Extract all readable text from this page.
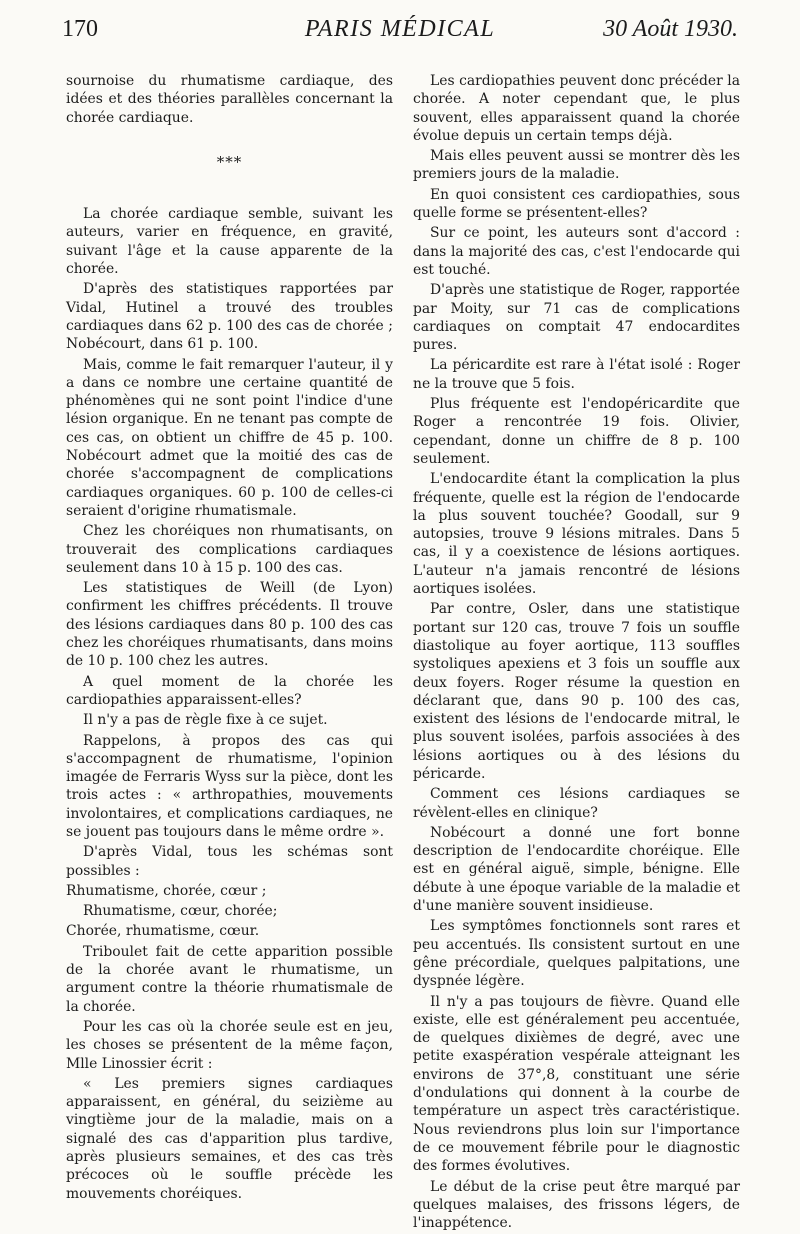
170	PARIS MÉDICAL	30 Août 1930.

sournoise du rhumatisme cardiaque, des idées et des théories parallèles concernant la chorée cardiaque.

***

La chorée cardiaque semble, suivant les auteurs, varier en fréquence, en gravité, suivant l'âge et la cause apparente de la chorée.

D'après des statistiques rapportées par Vidal, Hutinel a trouvé des troubles cardiaques dans 62 p. 100 des cas de chorée ; Nobécourt, dans 61 p. 100.

Mais, comme le fait remarquer l'auteur, il y a dans ce nombre une certaine quantité de phénomènes qui ne sont point l'indice d'une lésion organique. En ne tenant pas compte de ces cas, on obtient un chiffre de 45 p. 100. Nobécourt admet que la moitié des cas de chorée s'accompagnent de complications cardiaques organiques. 60 p. 100 de celles-ci seraient d'origine rhumatismale.

Chez les choréiques non rhumatisants, on trouverait des complications cardiaques seulement dans 10 à 15 p. 100 des cas.

Les statistiques de Weill (de Lyon) confirment les chiffres précédents. Il trouve des lésions cardiaques dans 80 p. 100 des cas chez les choréiques rhumatisants, dans moins de 10 p. 100 chez les autres.

A quel moment de la chorée les cardiopathies apparaissent-elles?

Il n'y a pas de règle fixe à ce sujet.

Rappelons, à propos des cas qui s'accompagnent de rhumatisme, l'opinion imagée de Ferraris Wyss sur la pièce, dont les trois actes : « arthropathies, mouvements involontaires, et complications cardiaques, ne se jouent pas toujours dans le même ordre ».

D'après Vidal, tous les schémas sont possibles :

Rhumatisme, chorée, cœur ;

Rhumatisme, cœur, chorée;

Chorée, rhumatisme, cœur.

Triboulet fait de cette apparition possible de la chorée avant le rhumatisme, un argument contre la théorie rhumatismale de la chorée.

Pour les cas où la chorée seule est en jeu, les choses se présentent de la même façon, Mlle Linossier écrit :

« Les premiers signes cardiaques apparaissent, en général, du seizième au vingtième jour de la maladie, mais on a signalé des cas d'apparition plus tardive, après plusieurs semaines, et des cas très précoces où le souffle précède les mouvements choréiques.

Les cardiopathies peuvent donc précéder la chorée. A noter cependant que, le plus souvent, elles apparaissent quand la chorée évolue depuis un certain temps déjà.

Mais elles peuvent aussi se montrer dès les premiers jours de la maladie.

En quoi consistent ces cardiopathies, sous quelle forme se présentent-elles?

Sur ce point, les auteurs sont d'accord : dans la majorité des cas, c'est l'endocarde qui est touché.

D'après une statistique de Roger, rapportée par Moity, sur 71 cas de complications cardiaques on comptait 47 endocardites pures.

La péricardite est rare à l'état isolé : Roger ne la trouve que 5 fois.

Plus fréquente est l'endopéricardite que Roger a rencontrée 19 fois. Olivier, cependant, donne un chiffre de 8 p. 100 seulement.

L'endocardite étant la complication la plus fréquente, quelle est la région de l'endocarde la plus souvent touchée? Goodall, sur 9 autopsies, trouve 9 lésions mitrales. Dans 5 cas, il y a coexistence de lésions aortiques. L'auteur n'a jamais rencontré de lésions aortiques isolées.

Par contre, Osler, dans une statistique portant sur 120 cas, trouve 7 fois un souffle diastolique au foyer aortique, 113 souffles systoliques apexiens et 3 fois un souffle aux deux foyers. Roger résume la question en déclarant que, dans 90 p. 100 des cas, existent des lésions de l'endocarde mitral, le plus souvent isolées, parfois associées à des lésions aortiques ou à des lésions du péricarde.

Comment ces lésions cardiaques se révèlent-elles en clinique?

Nobécourt a donné une fort bonne description de l'endocardite choréique. Elle est en général aiguë, simple, bénigne. Elle débute à une époque variable de la maladie et d'une manière souvent insidieuse.

Les symptômes fonctionnels sont rares et peu accentués. Ils consistent surtout en une gêne précordiale, quelques palpitations, une dyspnée légère.

Il n'y a pas toujours de fièvre. Quand elle existe, elle est généralement peu accentuée, de quelques dixièmes de degré, avec une petite exaspération vespérale atteignant les environs de 37°,8, constituant une série d'ondulations qui donnent à la courbe de température un aspect très caractéristique. Nous reviendrons plus loin sur l'importance de ce mouvement fébrile pour le diagnostic des formes évolutives.

Le début de la crise peut être marqué par quelques malaises, des frissons légers, de l'inappétence.
